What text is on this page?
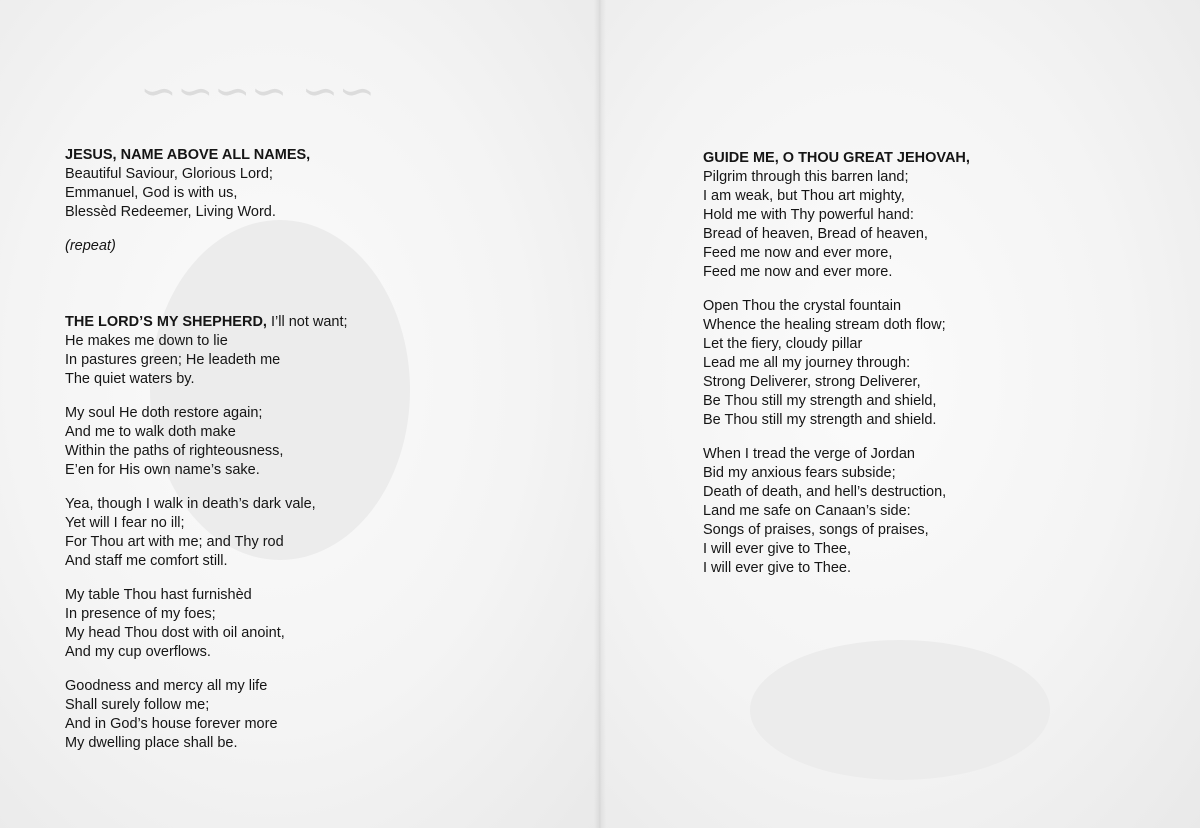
~~ ~~~~
JESUS, NAME ABOVE ALL NAMES,
Beautiful Saviour, Glorious Lord;
Emmanuel, God is with us,
Blessèd Redeemer, Living Word.
(repeat)
THE LORD’S MY SHEPHERD, I’ll not want;
He makes me down to lie
In pastures green; He leadeth me
The quiet waters by.
My soul He doth restore again;
And me to walk doth make
Within the paths of righteousness,
E’en for His own name’s sake.
Yea, though I walk in death’s dark vale,
Yet will I fear no ill;
For Thou art with me; and Thy rod
And staff me comfort still.
My table Thou hast furnishèd
In presence of my foes;
My head Thou dost with oil anoint,
And my cup overflows.
Goodness and mercy all my life
Shall surely follow me;
And in God’s house forever more
My dwelling place shall be.
GUIDE ME, O THOU GREAT JEHOVAH,
Pilgrim through this barren land;
I am weak, but Thou art mighty,
Hold me with Thy powerful hand:
Bread of heaven, Bread of heaven,
Feed me now and ever more,
Feed me now and ever more.
Open Thou the crystal fountain
Whence the healing stream doth flow;
Let the fiery, cloudy pillar
Lead me all my journey through:
Strong Deliverer, strong Deliverer,
Be Thou still my strength and shield,
Be Thou still my strength and shield.
When I tread the verge of Jordan
Bid my anxious fears subside;
Death of death, and hell’s destruction,
Land me safe on Canaan’s side:
Songs of praises, songs of praises,
I will ever give to Thee,
I will ever give to Thee.
